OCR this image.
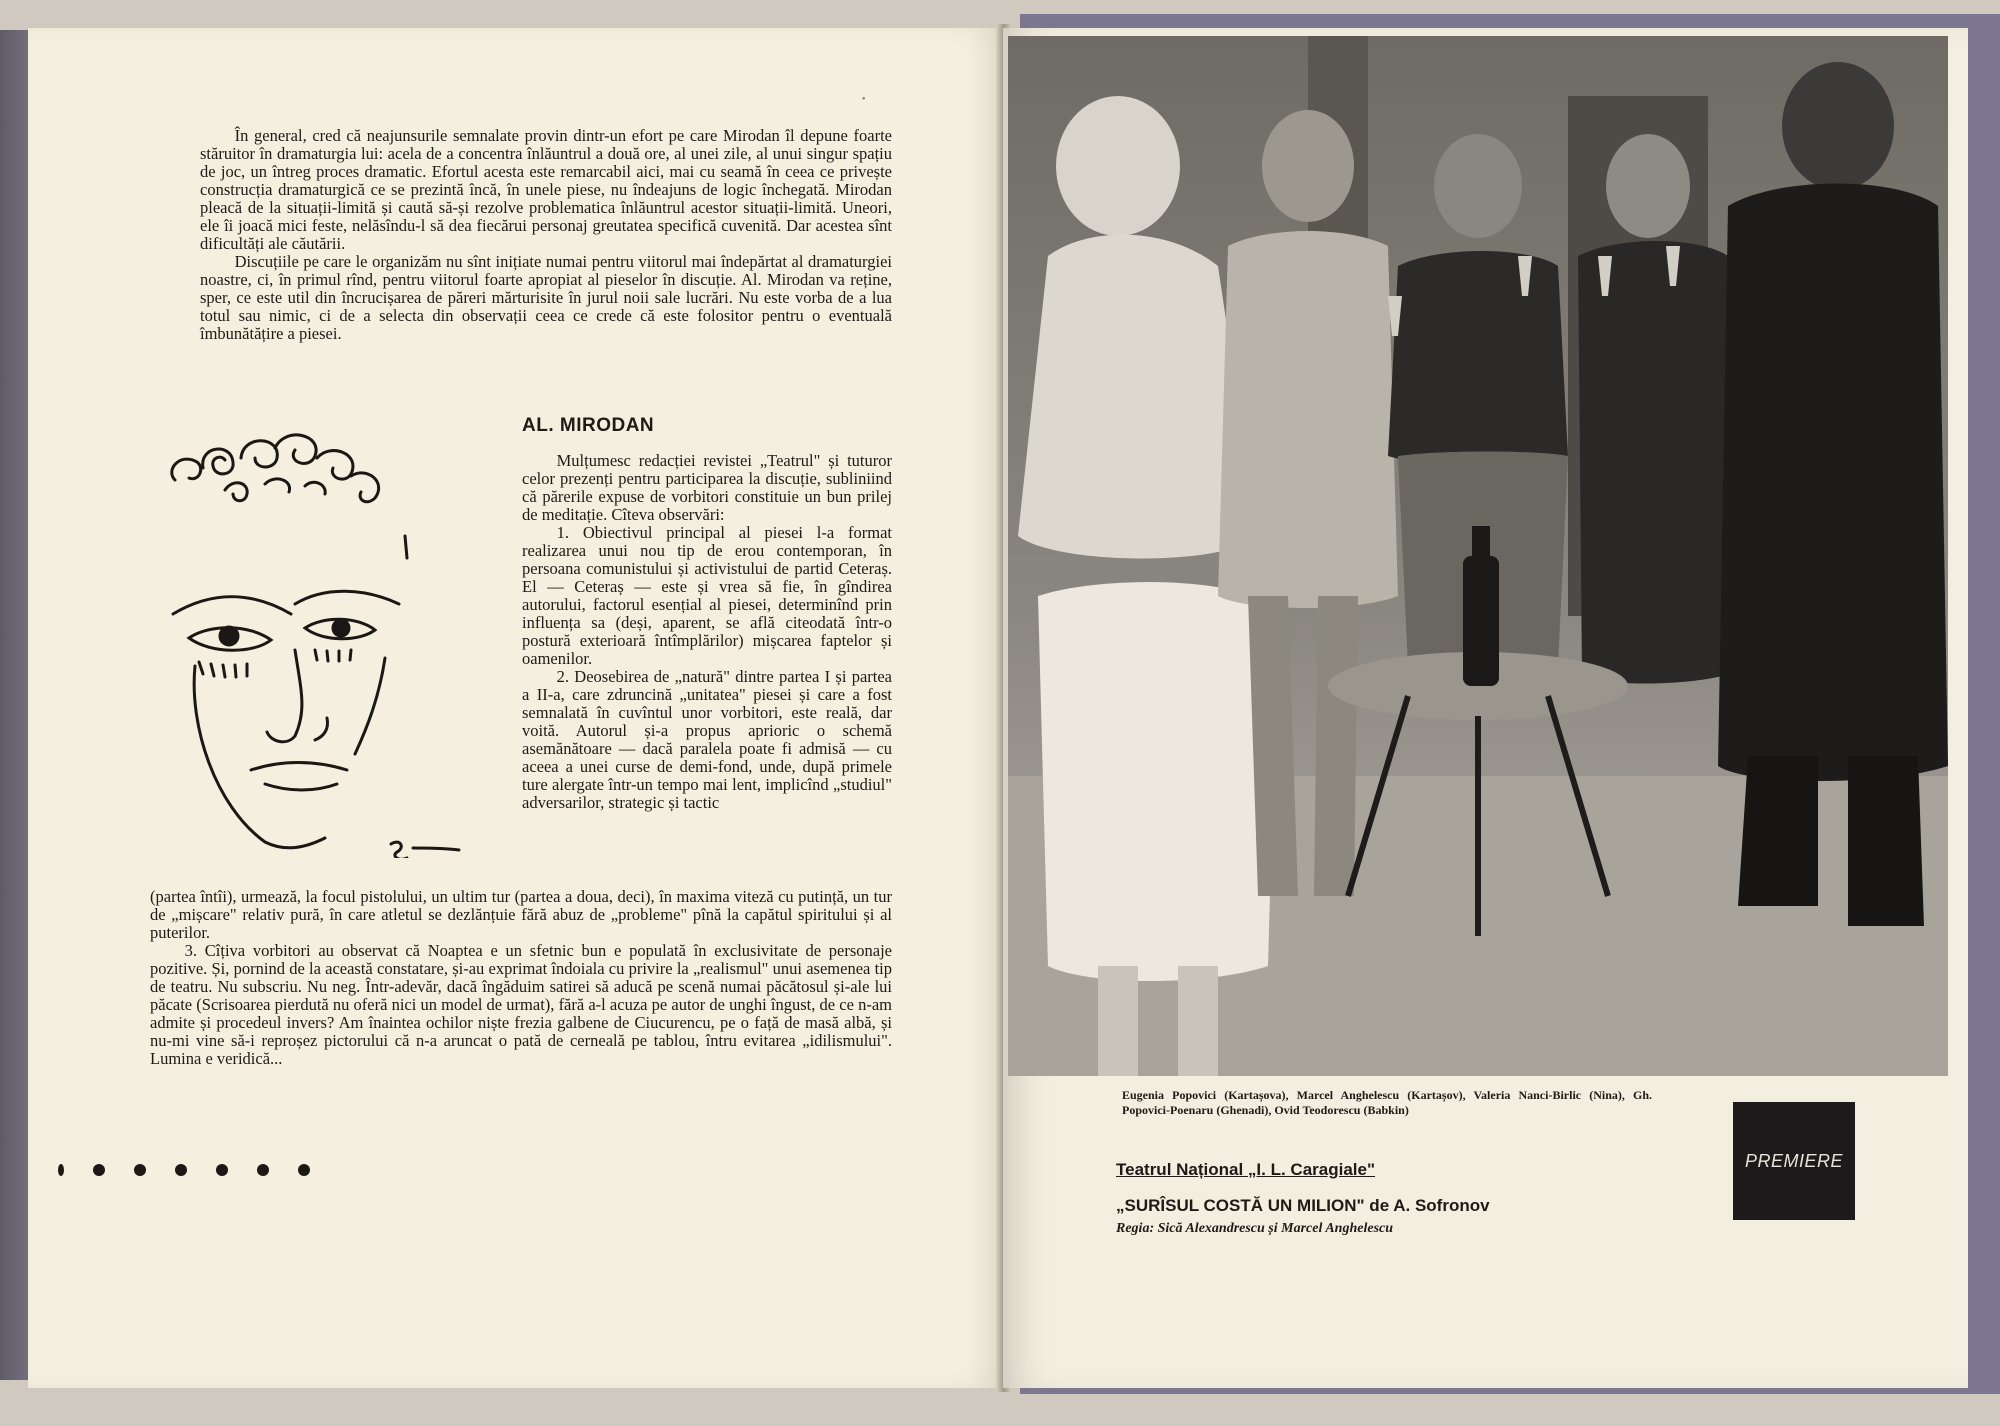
•

În general, cred că neajunsurile semnalate provin dintr-un efort pe care Mirodan îl depune foarte stăruitor în dramaturgia lui: acela de a concentra înlăuntrul a două ore, al unei zile, al unui singur spațiu de joc, un întreg proces dramatic. Efortul acesta este remarcabil aici, mai cu seamă în ceea ce privește construcția dramaturgică ce se prezintă încă, în unele piese, nu îndeajuns de logic închegată. Mirodan pleacă de la situații-limită și caută să-și rezolve problematica înlăuntrul acestor situații-limită. Uneori, ele îi joacă mici feste, nelăsîndu-l să dea fiecărui personaj greutatea specifică cuvenită. Dar acestea sînt dificultăți ale căutării.

Discuțiile pe care le organizăm nu sînt inițiate numai pentru viitorul mai îndepărtat al dramaturgiei noastre, ci, în primul rînd, pentru viitorul foarte apropiat al pieselor în discuție. Al. Mirodan va reține, sper, ce este util din încrucișarea de păreri mărturisite în jurul noii sale lucrări. Nu este vorba de a lua totul sau nimic, ci de a selecta din observații ceea ce crede că este folositor pentru o eventuală îmbunătățire a piesei.

AL. MIRODAN

Mulțumesc redacției revistei „Teatrul" și tuturor celor prezenți pentru participarea la discuție, subliniind că părerile expuse de vorbitori constituie un bun prilej de meditație. Cîteva observări:

1. Obiectivul principal al piesei l-a format realizarea unui nou tip de erou contemporan, în persoana comunistului și activistului de partid Ceteraș. El — Ceteraș — este și vrea să fie, în gîndirea autorului, factorul esențial al piesei, determinînd prin influența sa (deși, aparent, se află citeodată într-o postură exterioară întîmplărilor) mișcarea faptelor și oamenilor.

2. Deosebirea de „natură" dintre partea I și partea a II-a, care zdruncină „unitatea" piesei și care a fost semnalată în cuvîntul unor vorbitori, este reală, dar voită. Autorul și-a propus aprioric o schemă asemănătoare — dacă paralela poate fi admisă — cu aceea a unei curse de demi-fond, unde, după primele ture alergate într-un tempo mai lent, implicînd „studiul" adversarilor, strategic și tactic

(partea întîi), urmează, la focul pistolului, un ultim tur (partea a doua, deci), în maxima viteză cu putință, un tur de „mișcare" relativ pură, în care atletul se dezlănțuie fără abuz de „probleme" pînă la capătul spiritului și al puterilor.

3. Cîțiva vorbitori au observat că Noaptea e un sfetnic bun e populată în exclusivitate de personaje pozitive. Și, pornind de la această constatare, și-au exprimat îndoiala cu privire la „realismul" unui asemenea tip de teatru. Nu subscriu. Nu neg. Într-adevăr, dacă îngăduim satirei să aducă pe scenă numai păcătosul și-ale lui păcate (Scrisoarea pierdută nu oferă nici un model de urmat), fără a-l acuza pe autor de unghi îngust, de ce n-am admite și procedeul invers? Am înaintea ochilor niște frezia galbene de Ciucurencu, pe o față de masă albă, și nu-mi vine să-i reproșez pictorului că n-a aruncat o pată de cerneală pe tablou, întru evitarea „idilismului". Lumina e veridică...

Eugenia Popovici (Kartașova), Marcel Anghelescu (Kartașov), Valeria Nanci-Birlic (Nina), Gh. Popovici-Poenaru (Ghenadi), Ovid Teodorescu (Babkin)
Teatrul Național „I. L. Caragiale"
„SURÎSUL COSTĂ UN MILION" de A. Sofronov
Regia: Sică Alexandrescu și Marcel Anghelescu
PREMIERE
